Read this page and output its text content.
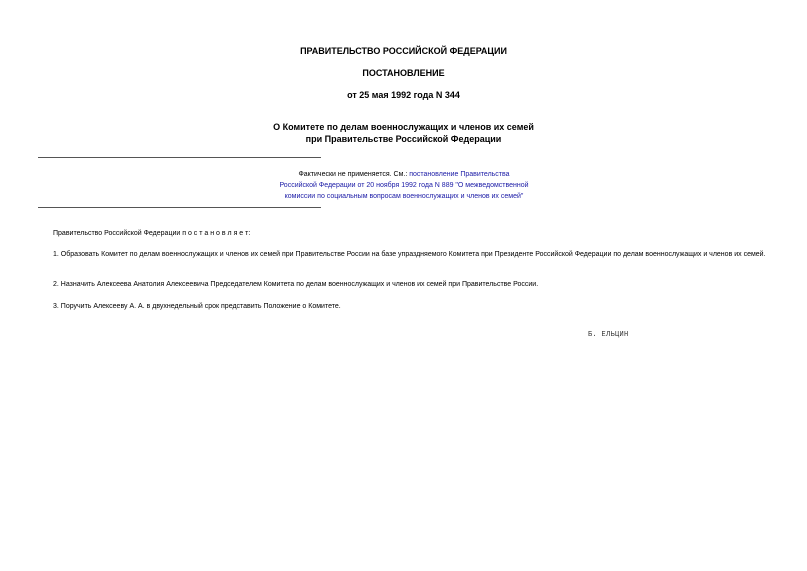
ПРАВИТЕЛЬСТВО РОССИЙСКОЙ ФЕДЕРАЦИИ
ПОСТАНОВЛЕНИЕ
от 25 мая 1992 года N 344
О Комитете по делам военнослужащих и членов их семей
при Правительстве Российской Федерации
Фактически не применяется. См.: постановление Правительства
Российской Федерации от 20 ноября 1992 года N 889 "О межведомственной
комиссии по социальным вопросам военнослужащих и членов их семей"
Правительство Российской Федерации п о с т а н о в л я е т:
1. Образовать Комитет по делам военнослужащих и членов их семей при Правительстве России на базе упраздняемого Комитета при Президенте Российской Федерации по делам военнослужащих и членов их семей.
2. Назначить Алексеева Анатолия Алексеевича Председателем Комитета по делам военнослужащих и членов их семей при Правительстве России.
3. Поручить Алексееву А. А. в двухнедельный срок представить Положение о Комитете.
Б. ЕЛЬЦИН
